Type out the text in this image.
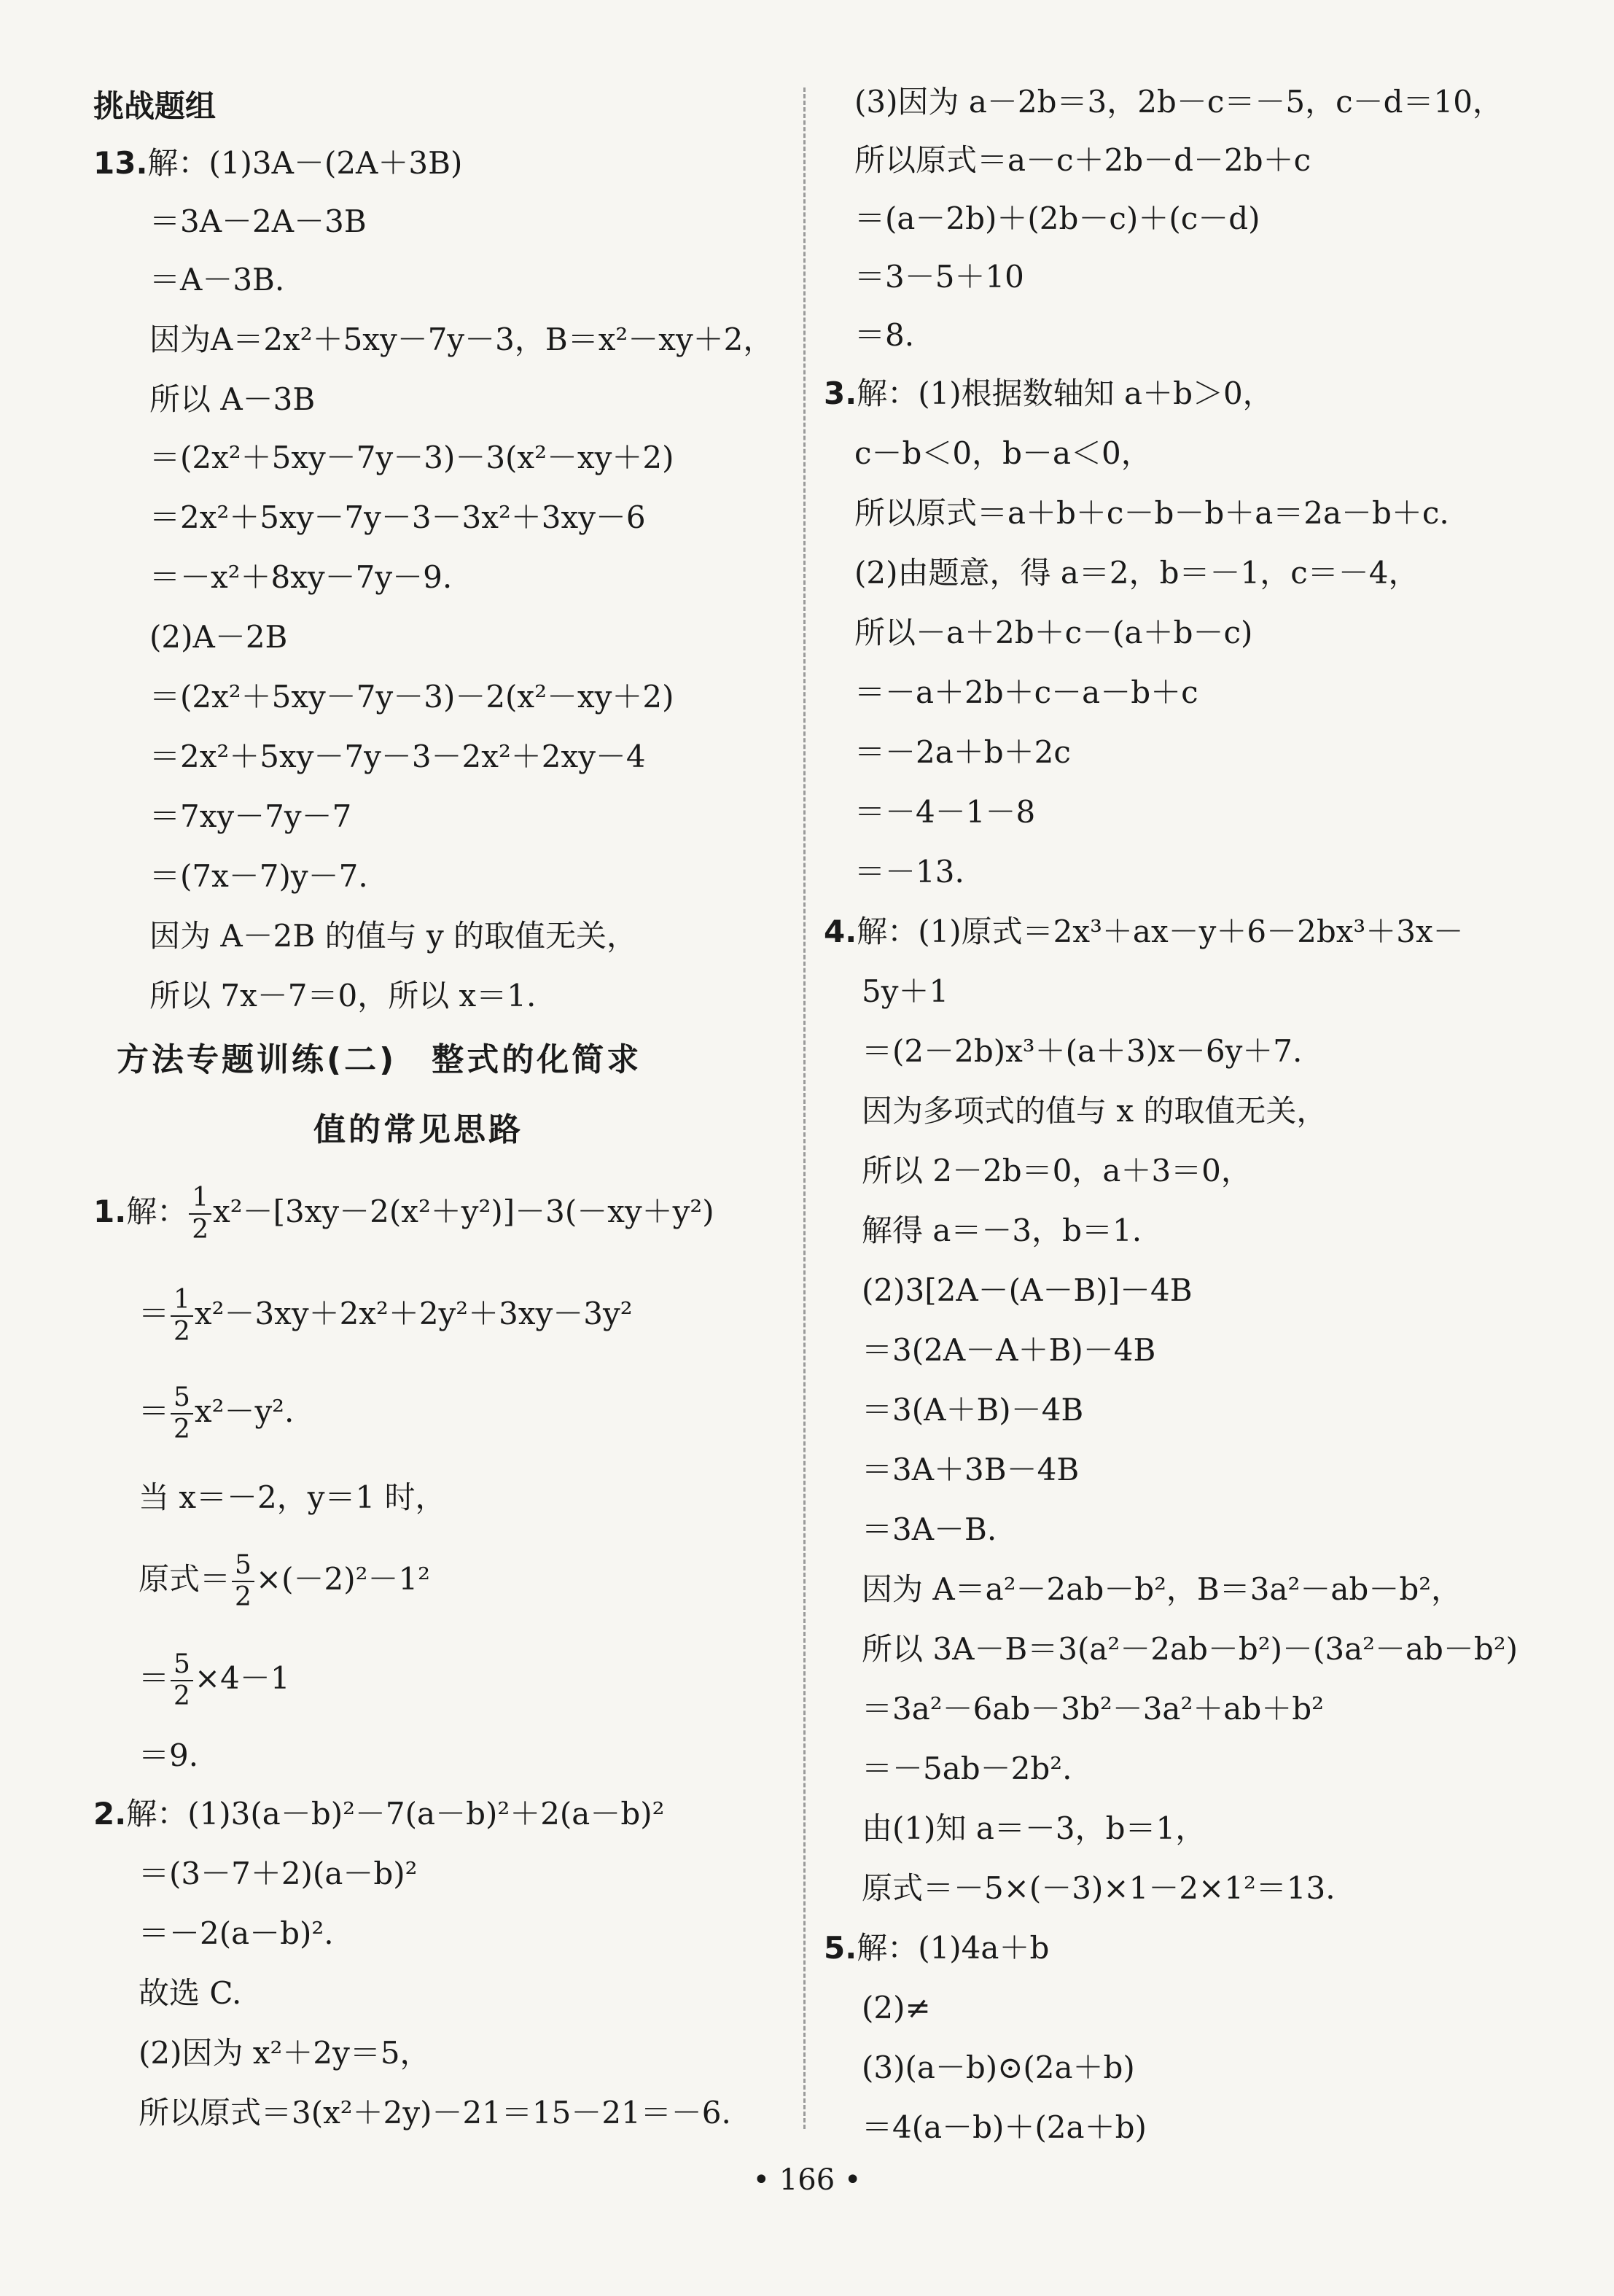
挑战题组
13.解：(1)3A－(2A＋3B)
＝3A－2A－3B
＝A－3B.
因为A＝2x²＋5xy－7y－3，B＝x²－xy＋2，
所以 A－3B
＝(2x²＋5xy－7y－3)－3(x²－xy＋2)
＝2x²＋5xy－7y－3－3x²＋3xy－6
＝－x²＋8xy－7y－9.
(2)A－2B
＝(2x²＋5xy－7y－3)－2(x²－xy＋2)
＝2x²＋5xy－7y－3－2x²＋2xy－4
＝7xy－7y－7
＝(7x－7)y－7.
因为 A－2B 的值与 y 的取值无关，
所以 7x－7＝0，所以 x＝1.
方法专题训练(二)　整式的化简求
值的常见思路
1.解： $\frac{1}{2} x^2-[3xy-2(x^2+y^2)]-3(-xy+y^2)$
＝ $\frac{1}{2} x^2-3xy+2x^2+2y^2+3xy-3y^2$
＝ $\frac{5}{2} x^2-y^2$.
当 x＝－2，y＝1 时，
原式＝ $\frac{5}{2} \times(-2)^2-1^2$
＝ $\frac{5}{2} \times 4-1$
＝9.
2.解：(1)3(a－b)²－7(a－b)²＋2(a－b)²
＝(3－7＋2)(a－b)²
＝－2(a－b)².
故选 C.
(2)因为 x²＋2y＝5，
所以原式＝3(x²＋2y)－21＝15－21＝－6.
(3)因为 a－2b＝3，2b－c＝－5，c－d＝10，
所以原式＝a－c＋2b－d－2b＋c
＝(a－2b)＋(2b－c)＋(c－d)
＝3－5＋10
＝8.
3.解：(1)根据数轴知 a＋b＞0，
c－b＜0，b－a＜0，
所以原式＝a＋b＋c－b－b＋a＝2a－b＋c.
(2)由题意，得 a＝2，b＝－1，c＝－4，
所以－a＋2b＋c－(a＋b－c)
＝－a＋2b＋c－a－b＋c
＝－2a＋b＋2c
＝－4－1－8
＝－13.
4.解：(1)原式＝2x³＋ax－y＋6－2bx³＋3x－
5y＋1
＝(2－2b)x³＋(a＋3)x－6y＋7.
因为多项式的值与 x 的取值无关，
所以 2－2b＝0，a＋3＝0，
解得 a＝－3，b＝1.
(2)3[2A－(A－B)]－4B
＝3(2A－A＋B)－4B
＝3(A＋B)－4B
＝3A＋3B－4B
＝3A－B.
因为 A＝a²－2ab－b²，B＝3a²－ab－b²，
所以 3A－B＝3(a²－2ab－b²)－(3a²－ab－b²)
＝3a²－6ab－3b²－3a²＋ab＋b²
＝－5ab－2b².
由(1)知 a＝－3，b＝1，
原式＝－5×(－3)×1－2×1²＝13.
5.解：(1)4a＋b
(2)≠
(3)(a－b)⊙(2a＋b)
＝4(a－b)＋(2a＋b)
• 166 •
